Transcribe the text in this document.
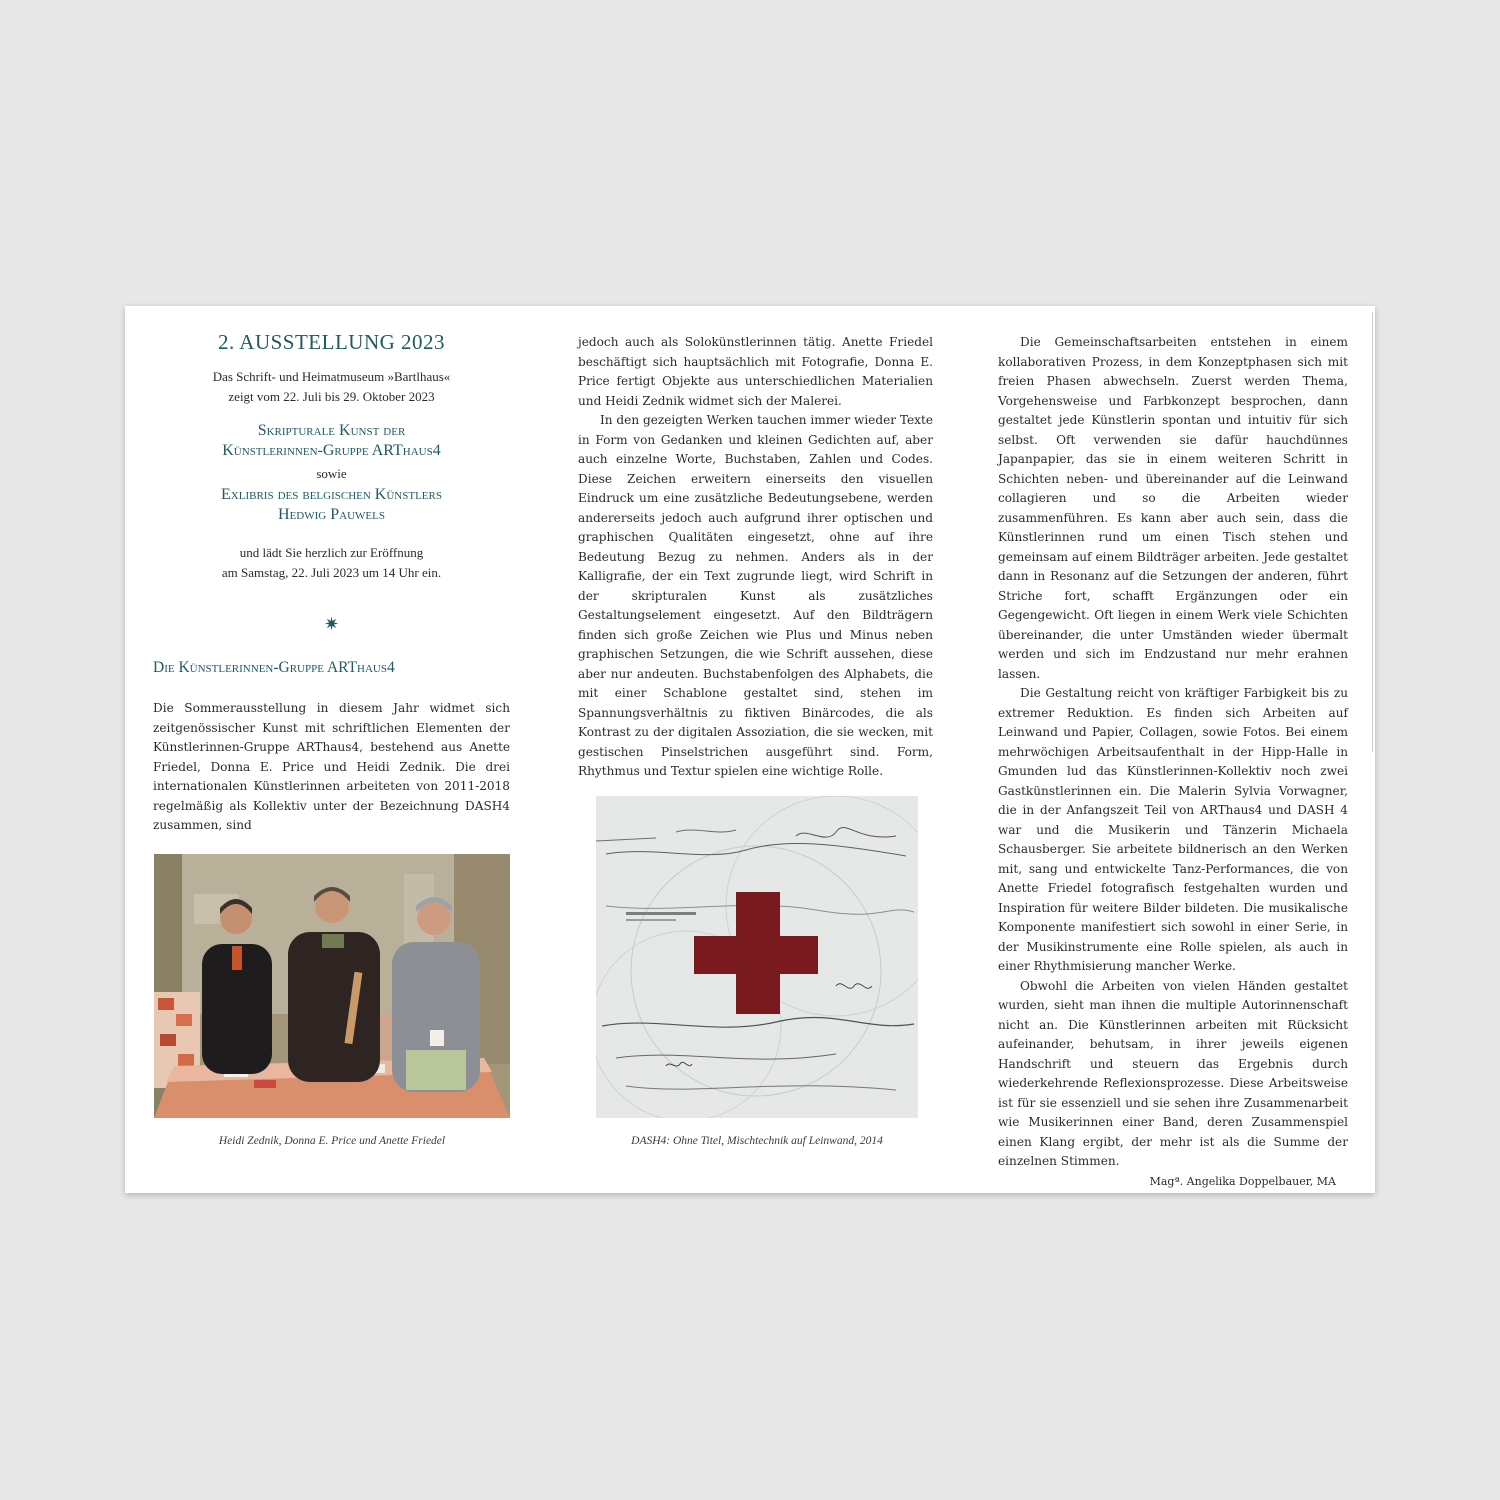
2. AUSSTELLUNG 2023
Das Schrift- und Heimatmuseum »Bartlhaus«
zeigt vom 22. Juli bis 29. Oktober 2023
Skripturale Kunst der
Künstlerinnen-Gruppe ARThaus4
sowie
Exlibris des belgischen Künstlers
Hedwig Pauwels
und lädt Sie herzlich zur Eröffnung
am Samstag, 22. Juli 2023 um 14 Uhr ein.
✷
Die Künstlerinnen-Gruppe ARThaus4

Die Sommerausstellung in diesem Jahr widmet sich zeitgenössischer Kunst mit schriftlichen Elementen der Künstlerinnen-Gruppe ARThaus4, bestehend aus Anette Friedel, Donna E. Price und Heidi Zednik. Die drei internationalen Künstlerinnen arbeiteten von 2011-2018 regelmäßig als Kollektiv unter der Bezeichnung DASH4 zusammen, sind

Heidi Zednik, Donna E. Price und Anette Friedel

jedoch auch als Solokünstlerinnen tätig. Anette Friedel beschäftigt sich hauptsächlich mit Fotografie, Donna E. Price fertigt Objekte aus unterschiedlichen Materialien und Heidi Zednik widmet sich der Malerei.

In den gezeigten Werken tauchen immer wieder Texte in Form von Gedanken und kleinen Gedichten auf, aber auch einzelne Worte, Buchstaben, Zahlen und Codes. Diese Zeichen erweitern einerseits den visuellen Eindruck um eine zusätzliche Bedeutungsebene, werden andererseits jedoch auch aufgrund ihrer optischen und graphischen Qualitäten eingesetzt, ohne auf ihre Bedeutung Bezug zu nehmen. Anders als in der Kalligrafie, der ein Text zugrunde liegt, wird Schrift in der skripturalen Kunst als zusätzliches Gestaltungselement eingesetzt. Auf den Bildträgern finden sich große Zeichen wie Plus und Minus neben graphischen Setzungen, die wie Schrift aussehen, diese aber nur andeuten. Buchstabenfolgen des Alphabets, die mit einer Schablone gestaltet sind, stehen im Spannungsverhältnis zu fiktiven Binärcodes, die als Kontrast zu der digitalen Assoziation, die sie wecken, mit gestischen Pinselstrichen ausgeführt sind. Form, Rhythmus und Textur spielen eine wichtige Rolle.

DASH4: Ohne Titel, Mischtechnik auf Leinwand, 2014

Die Gemeinschaftsarbeiten entstehen in einem kollaborativen Prozess, in dem Konzeptphasen sich mit freien Phasen abwechseln. Zuerst werden Thema, Vorgehensweise und Farbkonzept besprochen, dann gestaltet jede Künstlerin spontan und intuitiv für sich selbst. Oft verwenden sie dafür hauchdünnes Japanpapier, das sie in einem weiteren Schritt in Schichten neben- und übereinander auf die Leinwand collagieren und so die Arbeiten wieder zusammenführen. Es kann aber auch sein, dass die Künstlerinnen rund um einen Tisch stehen und gemeinsam auf einem Bildträger arbeiten. Jede gestaltet dann in Resonanz auf die Setzungen der anderen, führt Striche fort, schafft Ergänzungen oder ein Gegengewicht. Oft liegen in einem Werk viele Schichten übereinander, die unter Umständen wieder übermalt werden und sich im Endzustand nur mehr erahnen lassen.

Die Gestaltung reicht von kräftiger Farbigkeit bis zu extremer Reduktion. Es finden sich Arbeiten auf Leinwand und Papier, Collagen, sowie Fotos. Bei einem mehrwöchigen Arbeitsaufenthalt in der Hipp-Halle in Gmunden lud das Künstlerinnen-Kollektiv noch zwei Gastkünstlerinnen ein. Die Malerin Sylvia Vorwagner, die in der Anfangszeit Teil von ARThaus4 und DASH 4 war und die Musikerin und Tänzerin Michaela Schausberger. Sie arbeitete bildnerisch an den Werken mit, sang und entwickelte Tanz-Performances, die von Anette Friedel fotografisch festgehalten wurden und Inspiration für weitere Bilder bildeten. Die musikalische Komponente manifestiert sich sowohl in einer Serie, in der Musikinstrumente eine Rolle spielen, als auch in einer Rhythmisierung mancher Werke.

Obwohl die Arbeiten von vielen Händen gestaltet wurden, sieht man ihnen die multiple Autorinnenschaft nicht an. Die Künstlerinnen arbeiten mit Rücksicht aufeinander, behutsam, in ihrer jeweils eigenen Handschrift und steuern das Ergebnis durch wiederkehrende Reflexionsprozesse. Diese Arbeitsweise ist für sie essenziell und sie sehen ihre Zusammenarbeit wie Musikerinnen einer Band, deren Zusammenspiel einen Klang ergibt, der mehr ist als die Summe der einzelnen Stimmen.

Magª. Angelika Doppelbauer, MA
